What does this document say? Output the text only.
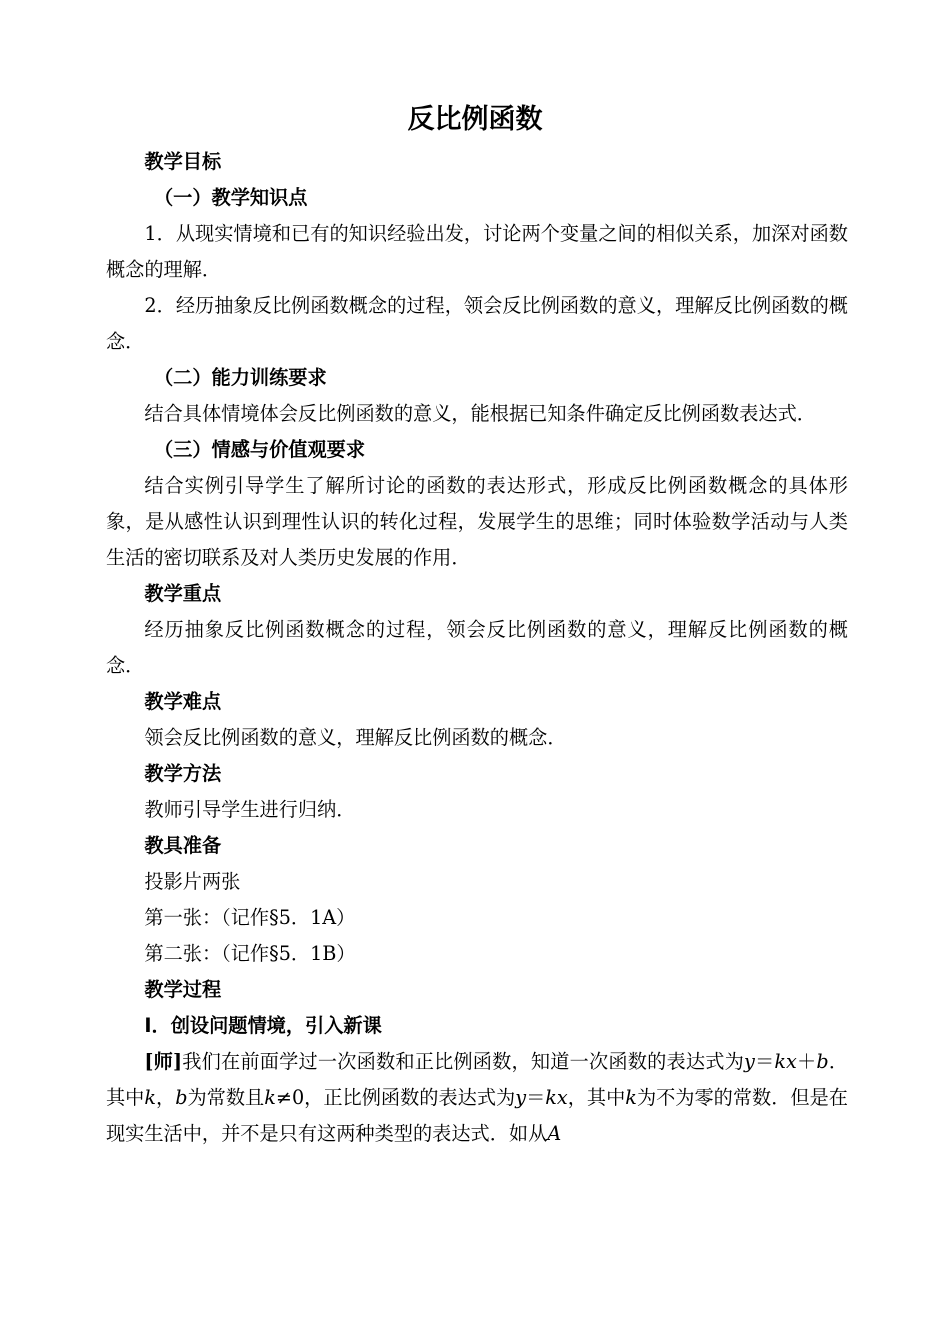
反比例函数

教学目标

（一）教学知识点

1．从现实情境和已有的知识经验出发，讨论两个变量之间的相似关系，加深对函数概念的理解．

2．经历抽象反比例函数概念的过程，领会反比例函数的意义，理解反比例函数的概念．

（二）能力训练要求

结合具体情境体会反比例函数的意义，能根据已知条件确定反比例函数表达式．

（三）情感与价值观要求

结合实例引导学生了解所讨论的函数的表达形式，形成反比例函数概念的具体形象，是从感性认识到理性认识的转化过程，发展学生的思维；同时体验数学活动与人类生活的密切联系及对人类历史发展的作用．

教学重点

经历抽象反比例函数概念的过程，领会反比例函数的意义，理解反比例函数的概念．

教学难点

领会反比例函数的意义，理解反比例函数的概念．

教学方法

教师引导学生进行归纳．

教具准备

投影片两张

第一张：（记作§5．1A）

第二张：（记作§5．1B）

教学过程

Ⅰ．创设问题情境，引入新课

[师]我们在前面学过一次函数和正比例函数，知道一次函数的表达式为y＝kx＋b．其中k，b为常数且k≠0，正比例函数的表达式为y＝kx，其中k为不为零的常数．但是在现实生活中，并不是只有这两种类型的表达式．如从A
